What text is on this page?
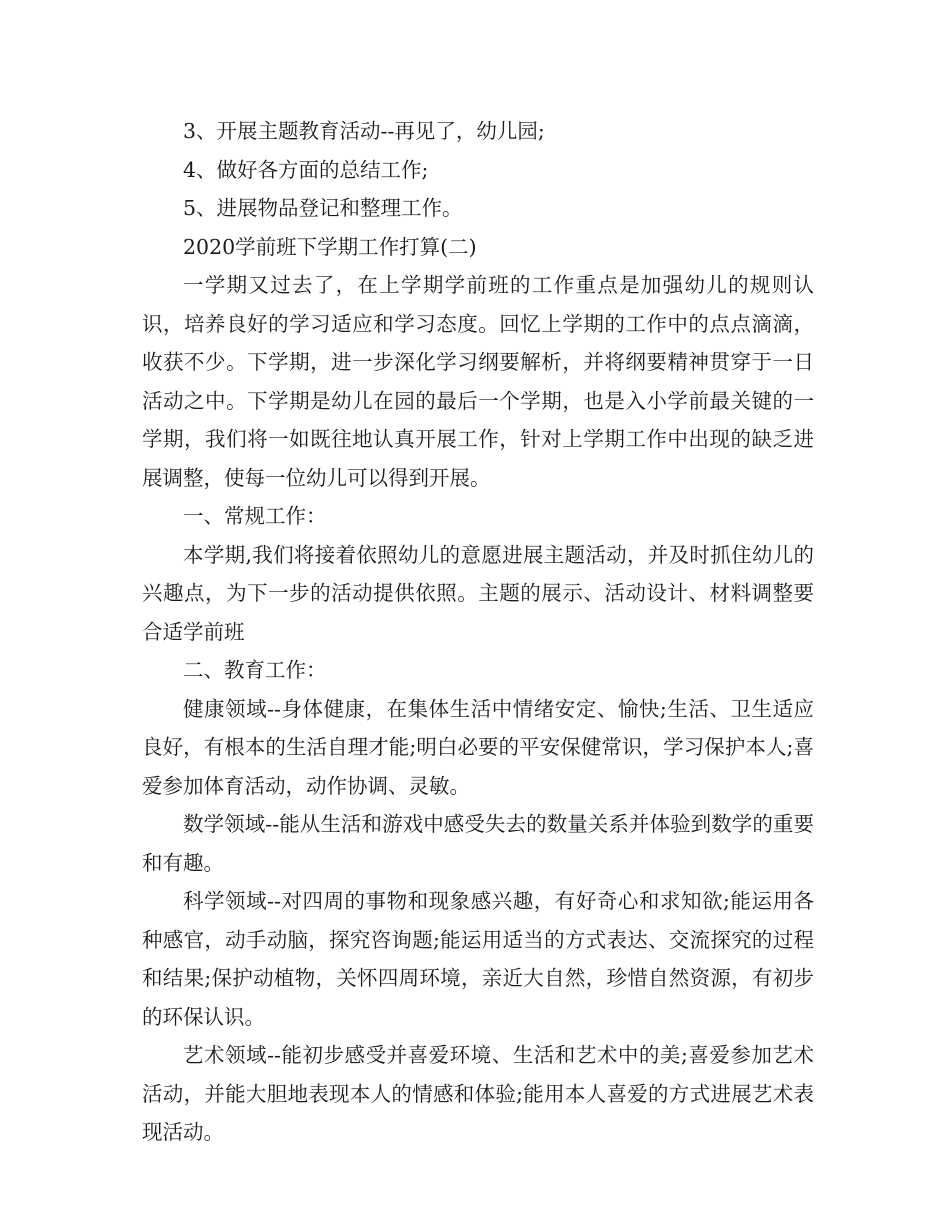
3、开展主题教育活动--再见了，幼儿园;

4、做好各方面的总结工作;

5、进展物品登记和整理工作。

2020学前班下学期工作打算(二)

一学期又过去了，在上学期学前班的工作重点是加强幼儿的规则认识，培养良好的学习适应和学习态度。回忆上学期的工作中的点点滴滴，收获不少。下学期，进一步深化学习纲要解析，并将纲要精神贯穿于一日活动之中。下学期是幼儿在园的最后一个学期，也是入小学前最关键的一学期，我们将一如既往地认真开展工作，针对上学期工作中出现的缺乏进展调整，使每一位幼儿可以得到开展。

一、常规工作：

本学期,我们将接着依照幼儿的意愿进展主题活动，并及时抓住幼儿的兴趣点，为下一步的活动提供依照。主题的展示、活动设计、材料调整要合适学前班

二、教育工作：

健康领域--身体健康，在集体生活中情绪安定、愉快;生活、卫生适应良好，有根本的生活自理才能;明白必要的平安保健常识，学习保护本人;喜爱参加体育活动，动作协调、灵敏。

数学领域--能从生活和游戏中感受失去的数量关系并体验到数学的重要和有趣。

科学领域--对四周的事物和现象感兴趣，有好奇心和求知欲;能运用各种感官，动手动脑，探究咨询题;能运用适当的方式表达、交流探究的过程和结果;保护动植物，关怀四周环境，亲近大自然，珍惜自然资源，有初步的环保认识。

艺术领域--能初步感受并喜爱环境、生活和艺术中的美;喜爱参加艺术活动，并能大胆地表现本人的情感和体验;能用本人喜爱的方式进展艺术表现活动。
